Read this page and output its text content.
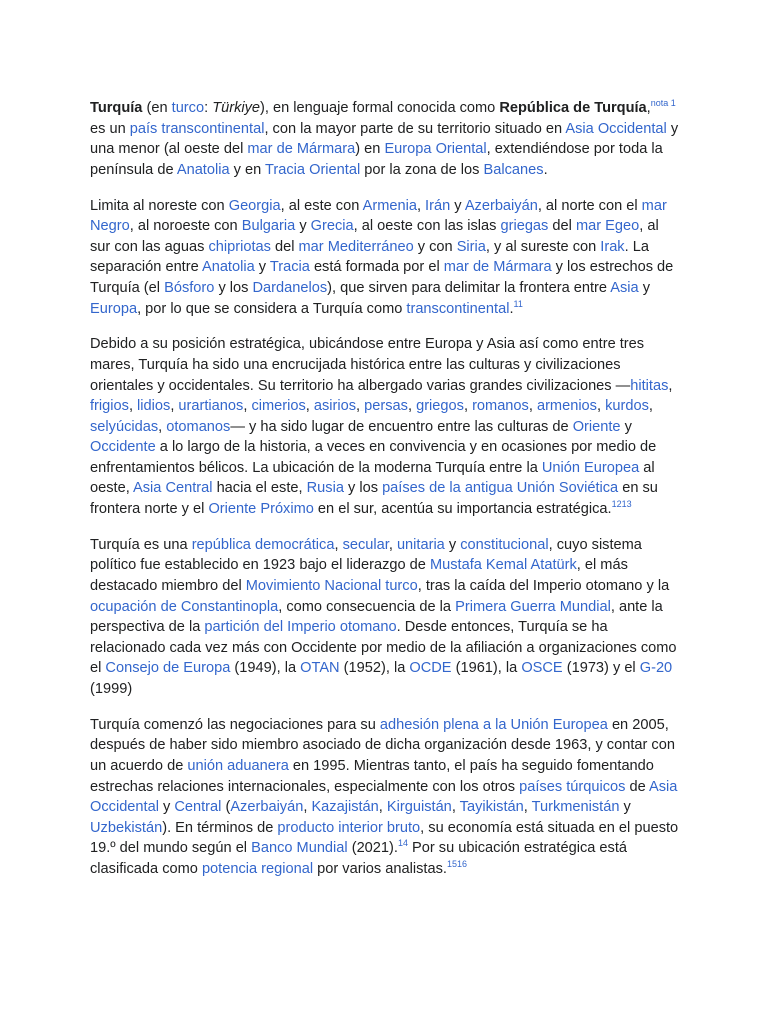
Turquía (en turco: Türkiye), en lenguaje formal conocida como República de Turquía,$^{nota 1}$ es un país transcontinental, con la mayor parte de su territorio situado en Asia Occidental y una menor (al oeste del mar de Mármara) en Europa Oriental, extendiéndose por toda la península de Anatolia y en Tracia Oriental por la zona de los Balcanes.

Limita al noreste con Georgia, al este con Armenia, Irán y Azerbaiyán, al norte con el mar Negro, al noroeste con Bulgaria y Grecia, al oeste con las islas griegas del mar Egeo, al sur con las aguas chipriotas del mar Mediterráneo y con Siria, y al sureste con Irak. La separación entre Anatolia y Tracia está formada por el mar de Mármara y los estrechos de Turquía (el Bósforo y los Dardanelos), que sirven para delimitar la frontera entre Asia y Europa, por lo que se considera a Turquía como transcontinental.$^{11}$

Debido a su posición estratégica, ubicándose entre Europa y Asia así como entre tres mares, Turquía ha sido una encrucijada histórica entre las culturas y civilizaciones orientales y occidentales. Su territorio ha albergado varias grandes civilizaciones —hititas, frigios, lidios, urartianos, cimerios, asirios, persas, griegos, romanos, armenios, kurdos, selyúcidas, otomanos— y ha sido lugar de encuentro entre las culturas de Oriente y Occidente a lo largo de la historia, a veces en convivencia y en ocasiones por medio de enfrentamientos bélicos. La ubicación de la moderna Turquía entre la Unión Europea al oeste, Asia Central hacia el este, Rusia y los países de la antigua Unión Soviética en su frontera norte y el Oriente Próximo en el sur, acentúa su importancia estratégica.$^{1213}$

Turquía es una república democrática, secular, unitaria y constitucional, cuyo sistema político fue establecido en 1923 bajo el liderazgo de Mustafa Kemal Atatürk, el más destacado miembro del Movimiento Nacional turco, tras la caída del Imperio otomano y la ocupación de Constantinopla, como consecuencia de la Primera Guerra Mundial, ante la perspectiva de la partición del Imperio otomano. Desde entonces, Turquía se ha relacionado cada vez más con Occidente por medio de la afiliación a organizaciones como el Consejo de Europa (1949), la OTAN (1952), la OCDE (1961), la OSCE (1973) y el G-20 (1999)

Turquía comenzó las negociaciones para su adhesión plena a la Unión Europea en 2005, después de haber sido miembro asociado de dicha organización desde 1963, y contar con un acuerdo de unión aduanera en 1995. Mientras tanto, el país ha seguido fomentando estrechas relaciones internacionales, especialmente con los otros países túrquicos de Asia Occidental y Central (Azerbaiyán, Kazajistán, Kirguistán, Tayikistán, Turkmenistán y Uzbekistán). En términos de producto interior bruto, su economía está situada en el puesto 19.º del mundo según el Banco Mundial (2021).$^{14}$ Por su ubicación estratégica está clasificada como potencia regional por varios analistas.$^{1516}$
